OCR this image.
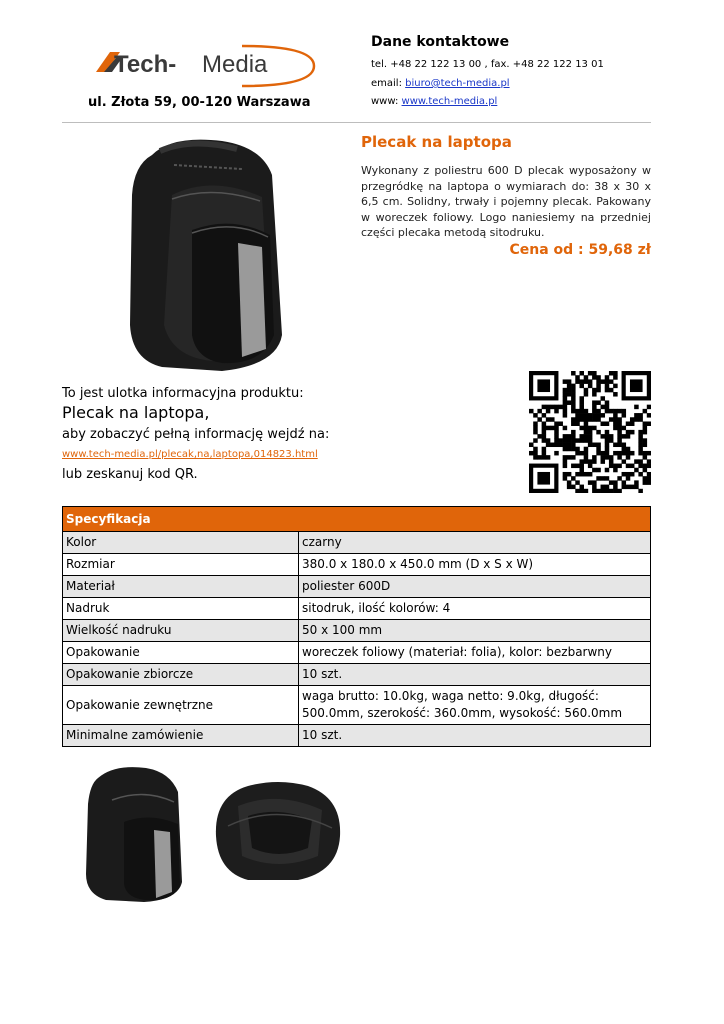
Tech- Media
ul. Złota 59, 00-120 Warszawa
Dane kontaktowe
tel. +48 22 122 13 00 , fax. +48 22 122 13 01
email: biuro@tech-media.pl
www: www.tech-media.pl
Plecak na laptopa
Wykonany z poliestru 600 D plecak wyposażony w przegródkę na laptopa o wymiarach do: 38 x 30 x 6,5 cm. Solidny, trwały i pojemny plecak. Pakowany w woreczek foliowy. Logo naniesiemy na przedniej części plecaka metodą sitodruku.
Cena od : 59,68 zł
To jest ulotka informacyjna produktu:
Plecak na laptopa,
aby zobaczyć pełną informację wejdź na:
www.tech-media.pl/plecak,na,laptopa,014823.html
lub zeskanuj kod QR.
Specyfikacja	
Kolor	czarny
Rozmiar	380.0 x 180.0 x 450.0 mm (D x S x W)
Materiał	poliester 600D
Nadruk	sitodruk, ilość kolorów: 4
Wielkość nadruku	50 x 100 mm
Opakowanie	woreczek foliowy (materiał: folia), kolor: bezbarwny
Opakowanie zbiorcze	10 szt.
Opakowanie zewnętrzne	waga brutto: 10.0kg, waga netto: 9.0kg, długość: 500.0mm, szerokość: 360.0mm, wysokość: 560.0mm
Minimalne zamówienie	10 szt.
